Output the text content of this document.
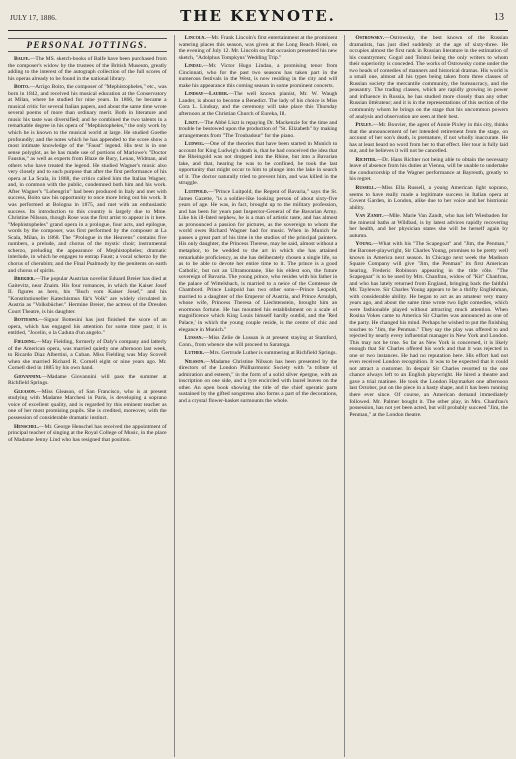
JULY 17, 1886.	THE KEYNOTE.	13
PERSONAL JOTTINGS.

Balfe.—The MS. sketch-books of Balfe have been purchased from the composer's widow by the trustees of the British Museum, greatly adding to the interest of the autograph collection of the full scores of his operas already to be found in the national library.

Boito.—Arrigo Boito, the composer of "Mephistopheles," etc., was born in 1842, and received his musical education at the Conservatory at Milan, where he studied for nine years. In 1866, he became a musical critic for several Italian papers, and about the same time wrote several poems of more than ordinary merit. Both in literature and music his taste was diversified; and he combined the two talents in a remarkable degree in his opera of "Mephistopheles," the only work by which he is known to the musical world at large. He studied Goethe profoundly; and the notes which he has appended to the score show a most intimate knowledge of the "Faust" legend. His text is in one sense polyglot, as he has made use of portions of Marlowe's "Doctor Faustus," as well as experts from Blaze de Bury, Lenau, Widman, and others who have treated the legend. He studied Wagner's music also very closely and to such purpose that after the first performance of his opera at La Scala, in 1868, the critics called him the Italian Wagner, and, in common with the public, condemned both him and his work. After Wagner's "Lohengrin" had been produced in Italy and met with success, Boito saw his opportunity to once more bring out his work. It was performed at Bologna in 1875, and met with an enthusiastic success. Its introduction to this country is largely due to Mme. Christine Nilsson, though Rose was the first artist to appear in it here. "Mephistopheles" grand opera in a prologue, four acts, and epilogue, words by the composer, was first performed by the composer at La Scala, Milan, in 1868. The "Prologue in the Heavens" contains five numbers, a prelude, and chorus of the mystic choir; instrumental scherzo, preluding the appearance of Mephistopheles; dramatic interlude, in which he engages to entrap Faust; a vocal scherzo by the chorus of cherubim; and the Final Psalmody by the penitents on earth and chorus of spirits.

Brekier.—The popular Austrian novelist Eduard Breier has died at Gaitevitz, near Znaim. His four romances, in which the Kaiser Josef II. figures as hero, his "Buch vom Kaiser Josef," and his "Konstitutioneller Katechismus für's Volk" are widely circulated in Austria as "Volksbücher." Hermine Breier, the actress of the Dresden Court Theatre, is his daughter.

Bottesini.—Signor Bottesini has just finished the score of an opera, which has engaged his attention for some time past; it is entitled, "Jocelin, o la Caduta d'un angelo."

Fielding.—May Fielding, formerly of Daly's company and latterly of the American opera, was married quietly one afternoon last week, to Ricardo Diaz Albertini, a Cuban. Miss Fielding was May Scovell when she married Richard R. Cornell eight or nine years ago. Mr. Cornell died in 1885 by his own hand.

Giovannini.—Madame Giovannini will pass the summer at Richfield Springs.

Gleason.—Miss Gleason, of San Francisco, who is at present studying with Madame Marchesi in Paris, is developing a soprano voice of excellent quality, and is regarded by this eminent teacher as one of her most promising pupils. She is credited, moreover, with the possession of considerable dramatic instinct.

Henschel.—Mr. George Henschel has received the appointment of principal teacher of singing at the Royal College of Music, in the place of Madame Jenny Lind who has resigned that position.

Lincoln.—Mr. Frank Lincoln's first entertainment at the prominent watering places this season, was given at the Long Beach Hotel, on the evening of July 12. Mr. Lincoln on that occasion presented his new sketch, "Adolphus Tompkyns' Wedding Trip."

Lindau.—Mr. Victor Hugo Lindau, a promising tenor from Cincinnati, who for the past two seasons has taken part in the numerous festivals in the West, is now residing in the city and will make his appearance this coming season in some prominent concerts.

Lindsay—Lauder.—The well known pianist, Mr. W. Waugh Lauder, is about to become a Benedict. The lady of his choice is Miss Cora L. Lindsay, and the ceremony will take place this Thursday afternoon at the Christian Church of Eureka, Ill.

Liszt.—The Abbé Liszt is repaying Dr. Mackenzie for the time and trouble he bestowed upon the production of "St. Elizabeth" by making arrangements from "The Troubadour" for the piano.

Ludwig.—One of the theories that have been started in Munich to account for King Ludwig's death is, that he had conceived the idea that the Rheingold was not dropped into the Rhine, but into a Bavarian lake, and that, hearing he was to be confined, he took the last opportunity that might occur to him to plunge into the lake in search of it. The doctor naturally tried to prevent him, and was killed in the struggle.

Luitpold.—"Prince Luitpold, the Regent of Bavaria," says the St. James Gazette, "is a soldier-like looking person of about sixty-five years of age. He was, in fact, brought up to the military profession, and has been for years past Inspector-General of the Bavarian Army. Like his ill-fated nephew, he is a man of artistic taste, and has almost as pronounced a passion for pictures, as the sovereign to whom the world owes Richard Wagner had for music. When in Munich he passes a great part of his time in the studios of the principal painters. His only daughter, the Princess Therese, may be said, almost without a metaphor, to be wedded to the art in which she has attained remarkable proficiency, as she has deliberately chosen a single life, so as to be able to devote her entire time to it. The prince is a good Catholic, but not an Ultramontane, like his eldest son, the future sovereign of Bavaria. The young prince, who resides with his father in the palace of Wittelsbach, is married to a neice of the Comtesse de Chambord. Prince Luitpold has two other sons—Prince Leopold, married to a daughter of the Emperor of Austria, and Prince Arnulph, whose wife, Princess Theresa of Liechtenstein, brought him an enormous fortune. He has mounted his establishment on a scale of magnificence which King Louis himself hardly outdid, and the 'Red Palace,' in which the young couple reside, is the centre of chic and elegance in Munich."

Lussan.—Miss Zelie de Lussan is at present staying at Stamford, Conn., from whence she will proceed to Saratoga.

Luther.—Mrs. Gertrude Luther is summering at Richfield Springs.

Nilsson.—Madame Christine Nilsson has been presented by the directors of the London Philharmonic Society with "a tribute of admiration and esteem," in the form of a solid silver épergne, with an inscription on one side, and a lyre encircled with laurel leaves on the other. An open book showing the title of the chief operatic parts sustained by the gifted songstress also forms a part of the decorations, and a crystal flower-basket surmounts the whole.

Ostrowsky.—Ostrowsky, the best known of the Russian dramatists, has just died suddenly at the age of sixty-three. He occupies almost the first rank in Russian literature in the estimation of his countrymen; Gogol and Tolstoi being the only writers to whom their superiority is conceded. The works of Ostrowsky come under the two heads of comedies of manners and historical dramas. His world is a small one, almost all his types being taken from three classes of Russian society the mercantile community, the bureaucracy, and the peasantry. The trading classes, which are rapidly growing in power and influence in Russia, he has studied more closely than any other Russian littérateur; and it is in the representations of this section of the community whom he brings on the stage that his uncommon powers of analysis and observation are seen at their best.

Pixley.—Mr. Bouvier, the agent of Annie Pixley in this city, thinks that the announcement of her intended retirement from the stage, on account of her son's death, is premature, if not wholly inaccurate. He has at least heard no word from her to that effect. Her tour is fully laid out, and he believes it will not be cancelled.

Richter.—Dr. Hans Richter not being able to obtain the necessary leave of absence from his duties at Vienna, will be unable to undertake the conductorship of the Wagner performance at Bayreuth, greatly to his regret.

Russell.—Miss Ella Russell, a young American light soprano, seems to have really made a legitimate success in Italian opera at Covent Garden, in London, alike due to her voice and her histrionic ability.

Van Zandt.—Mlle. Marie Van Zandt, who has left Wiesbaden for the mineral baths at Wildbad, is by latest advices rapidly recovering her health, and her physician states she will be herself again by autumn.

Young.—What with his "The Scapegoat" and "Jim, the Penman," the Baronet-playwright, Sir Charles Young, promises to be pretty well known in America next season. In Chicago next week the Madison Square Company will give "Jim, the Penman" its first American hearing, Frederic Robinson appearing in the title rôle. "The Scapegoat" is to be used by Mrs. Chanfrau, widow of "Kit" Chanfrau, and who has lately returned from England, bringing back the faithful Mr. Taylewre. Sir Charles Young appears to be a thrifty Englishman, with considerable ability. He began to act as an amateur very many years ago, and about the same time wrote two light comedies, which were fashionable played without attracting much attention. When Rosina Vokes came to America Sir Charles was announced as one of the party. He changed his mind. Perhaps he wished to put the finishing touches to "Jim, the Penman." They say the play was offered to and rejected by nearly every influential manager in New York and London. This may not be true. So far as New York is concerned, it is likely enough that Sir Charles offered his work and that it was rejected in one or two instances. He had no reputation here. His effort had not even received London recognition. It was to be expected that it could not attract a customer. In despair Sir Charles resorted to the one chance always left to an English playwright. He hired a theatre and gave a trial matinee. He took the London Haymarket one afternoon last October, put on the piece in a hasty shape, and it has been running there ever since. Of course, an American demand immediately followed. Mr. Palmer bought it. The other play, in Mrs. Chanfrau's possession, has not yet been acted, but will probably succeed "Jim, the Penman," at the London theatre.
